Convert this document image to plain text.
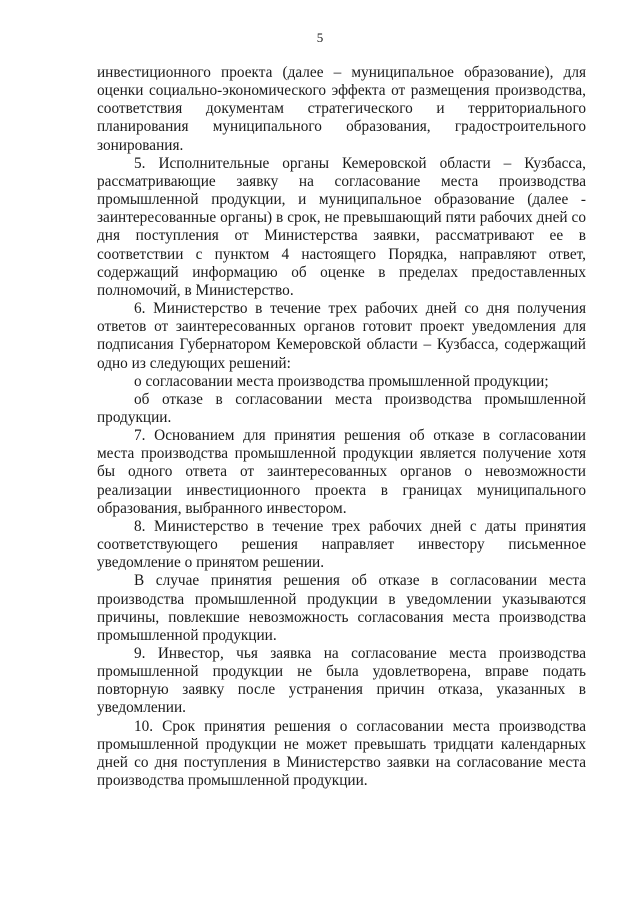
5

инвестиционного проекта (далее – муниципальное образование), для оценки социально-экономического эффекта от размещения производства, соответствия документам стратегического и территориального планирования муниципального образования, градостроительного зонирования.

5. Исполнительные органы Кемеровской области – Кузбасса, рассматривающие заявку на согласование места производства промышленной продукции, и муниципальное образование (далее - заинтересованные органы) в срок, не превышающий пяти рабочих дней со дня поступления от Министерства заявки, рассматривают ее в соответствии с пунктом 4 настоящего Порядка, направляют ответ, содержащий информацию об оценке в пределах предоставленных полномочий, в Министерство.

6. Министерство в течение трех рабочих дней со дня получения ответов от заинтересованных органов готовит проект уведомления для подписания Губернатором Кемеровской области – Кузбасса, содержащий одно из следующих решений:

о согласовании места производства промышленной продукции;

об отказе в согласовании места производства промышленной продукции.

7. Основанием для принятия решения об отказе в согласовании места производства промышленной продукции является получение хотя бы одного ответа от заинтересованных органов о невозможности реализации инвестиционного проекта в границах муниципального образования, выбранного инвестором.

8. Министерство в течение трех рабочих дней с даты принятия соответствующего решения направляет инвестору письменное уведомление о принятом решении.

В случае принятия решения об отказе в согласовании места производства промышленной продукции в уведомлении указываются причины, повлекшие невозможность согласования места производства промышленной продукции.

9. Инвестор, чья заявка на согласование места производства промышленной продукции не была удовлетворена, вправе подать повторную заявку после устранения причин отказа, указанных в уведомлении.

10. Срок принятия решения о согласовании места производства промышленной продукции не может превышать тридцати календарных дней со дня поступления в Министерство заявки на согласование места производства промышленной продукции.
